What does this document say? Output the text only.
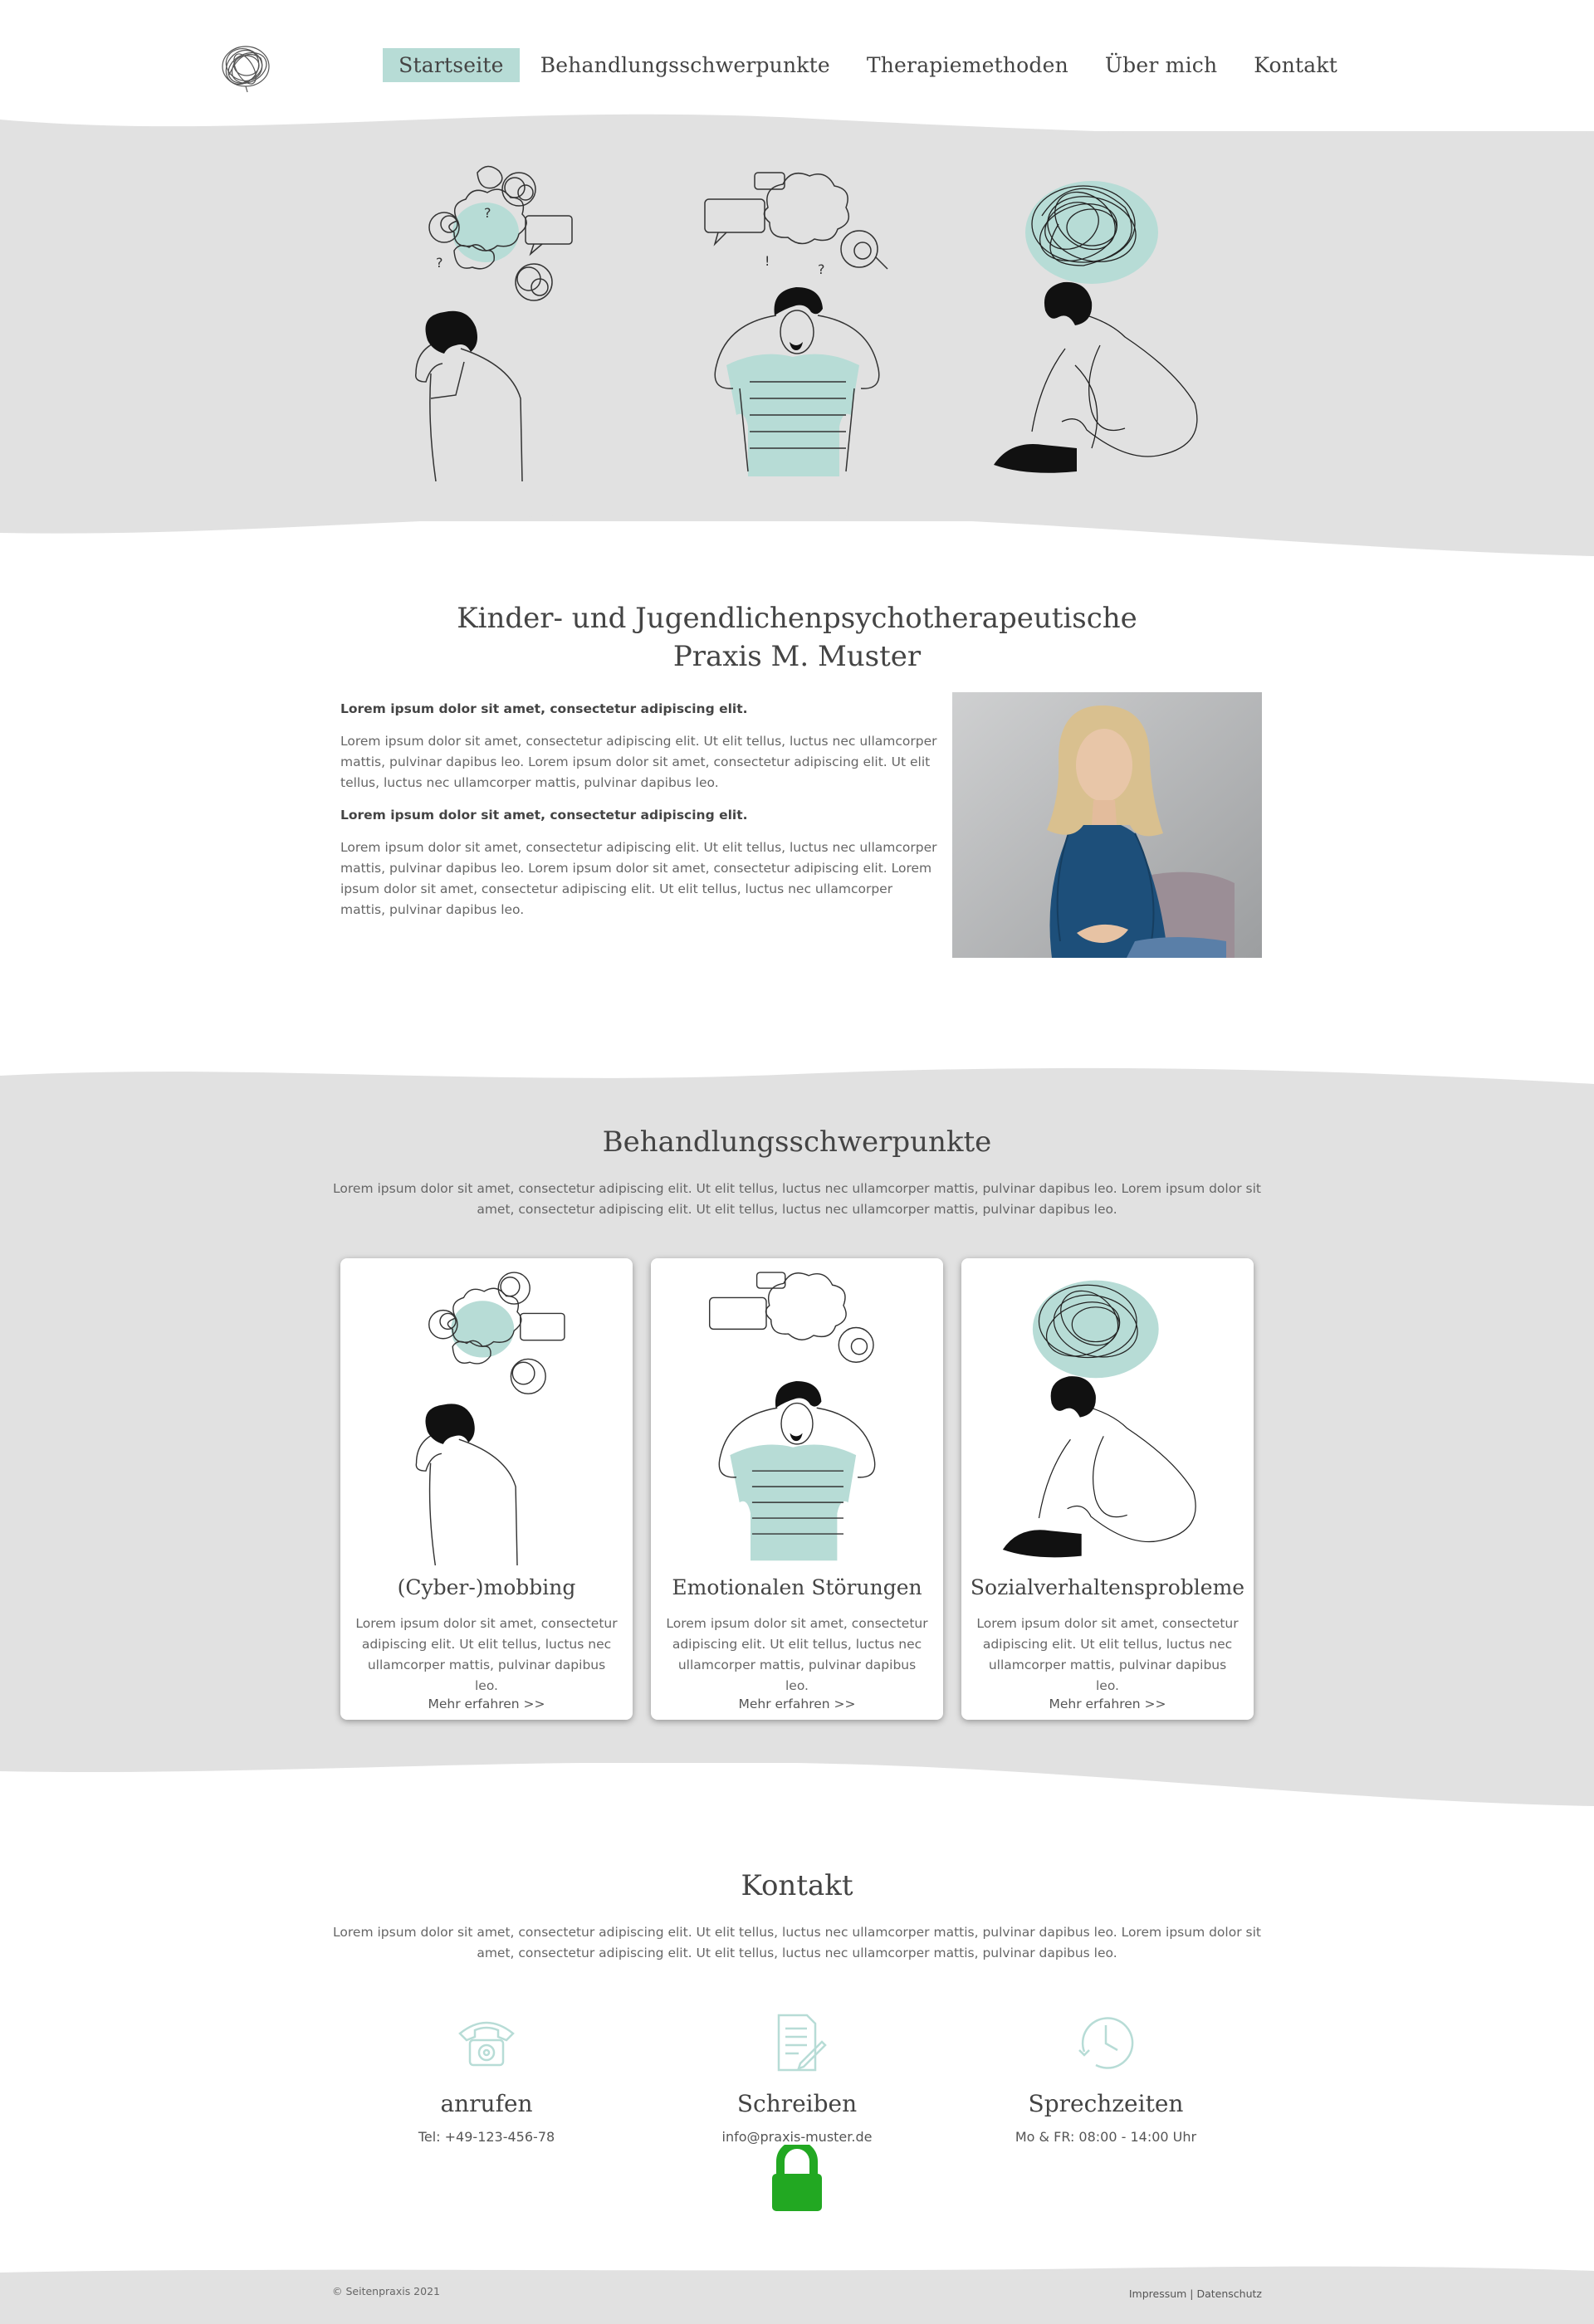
Startseite	Behandlungsschwerpunkte	Therapiemethoden	Über mich	Kontakt
?
?
?
!
Kinder- und Jugendlichenpsychotherapeutische
Praxis M. Muster

Lorem ipsum dolor sit amet, consectetur adipiscing elit.

Lorem ipsum dolor sit amet, consectetur adipiscing elit. Ut elit tellus, luctus nec ullamcorper mattis, pulvinar dapibus leo. Lorem ipsum dolor sit amet, consectetur adipiscing elit. Ut elit tellus, luctus nec ullamcorper mattis, pulvinar dapibus leo.

Lorem ipsum dolor sit amet, consectetur adipiscing elit.

Lorem ipsum dolor sit amet, consectetur adipiscing elit. Ut elit tellus, luctus nec ullamcorper mattis, pulvinar dapibus leo. Lorem ipsum dolor sit amet, consectetur adipiscing elit. Lorem ipsum dolor sit amet, consectetur adipiscing elit. Ut elit tellus, luctus nec ullamcorper mattis, pulvinar dapibus leo.

Behandlungsschwerpunkte
Lorem ipsum dolor sit amet, consectetur adipiscing elit. Ut elit tellus, luctus nec ullamcorper mattis, pulvinar dapibus leo. Lorem ipsum dolor sit amet, consectetur adipiscing elit. Ut elit tellus, luctus nec ullamcorper mattis, pulvinar dapibus leo.
(Cyber-)mobbing
Lorem ipsum dolor sit amet, consectetur adipiscing elit. Ut elit tellus, luctus nec ullamcorper mattis, pulvinar dapibus leo.
Mehr erfahren >>
Emotionalen Störungen
Lorem ipsum dolor sit amet, consectetur adipiscing elit. Ut elit tellus, luctus nec ullamcorper mattis, pulvinar dapibus leo.
Mehr erfahren >>
Sozialverhaltensprobleme
Lorem ipsum dolor sit amet, consectetur adipiscing elit. Ut elit tellus, luctus nec ullamcorper mattis, pulvinar dapibus leo.
Mehr erfahren >>
Kontakt
Lorem ipsum dolor sit amet, consectetur adipiscing elit. Ut elit tellus, luctus nec ullamcorper mattis, pulvinar dapibus leo. Lorem ipsum dolor sit amet, consectetur adipiscing elit. Ut elit tellus, luctus nec ullamcorper mattis, pulvinar dapibus leo.
anrufen
Tel: +49-123-456-78
Schreiben
info@praxis-muster.de
Sprechzeiten
Mo & FR: 08:00 - 14:00 Uhr
© Seitenpraxis 2021	Impressum | Datenschutz
